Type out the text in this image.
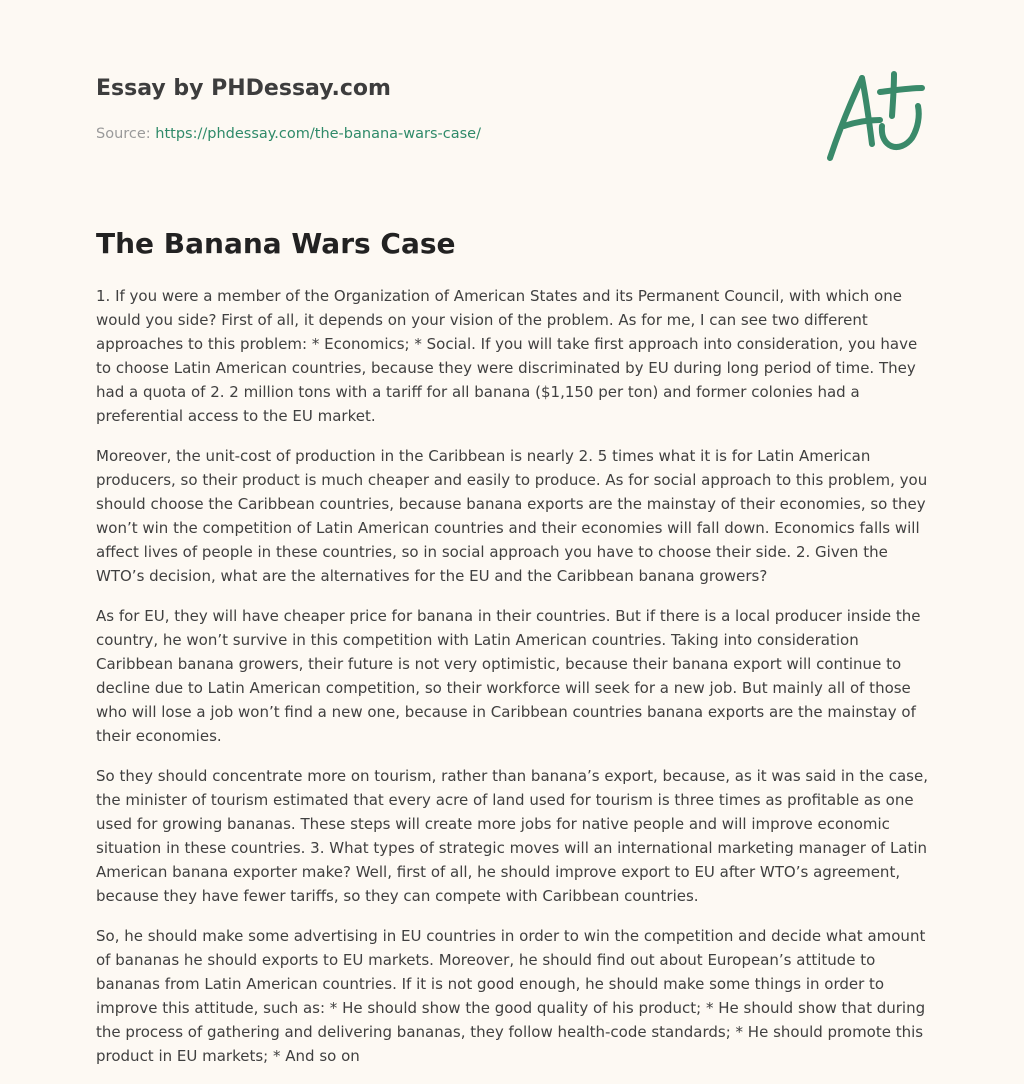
Essay by PHDessay.com
Source: https://phdessay.com/the-banana-wars-case/
The Banana Wars Case

1. If you were a member of the Organization of American States and its Permanent Council, with which one would you side? First of all, it depends on your vision of the problem. As for me, I can see two different approaches to this problem: * Economics; * Social. If you will take first approach into consideration, you have to choose Latin American countries, because they were discriminated by EU during long period of time. They had a quota of 2. 2 million tons with a tariff for all banana ($1,150 per ton) and former colonies had a preferential access to the EU market.

Moreover, the unit-cost of production in the Caribbean is nearly 2. 5 times what it is for Latin American producers, so their product is much cheaper and easily to produce. As for social approach to this problem, you should choose the Caribbean countries, because banana exports are the mainstay of their economies, so they won’t win the competition of Latin American countries and their economies will fall down. Economics falls will affect lives of people in these countries, so in social approach you have to choose their side. 2. Given the WTO’s decision, what are the alternatives for the EU and the Caribbean banana growers?

As for EU, they will have cheaper price for banana in their countries. But if there is a local producer inside the country, he won’t survive in this competition with Latin American countries. Taking into consideration Caribbean banana growers, their future is not very optimistic, because their banana export will continue to decline due to Latin American competition, so their workforce will seek for a new job. But mainly all of those who will lose a job won’t find a new one, because in Caribbean countries banana exports are the mainstay of their economies.

So they should concentrate more on tourism, rather than banana’s export, because, as it was said in the case, the minister of tourism estimated that every acre of land used for tourism is three times as profitable as one used for growing bananas. These steps will create more jobs for native people and will improve economic situation in these countries. 3. What types of strategic moves will an international marketing manager of Latin American banana exporter make? Well, first of all, he should improve export to EU after WTO’s agreement, because they have fewer tariffs, so they can compete with Caribbean countries.

So, he should make some advertising in EU countries in order to win the competition and decide what amount of bananas he should exports to EU markets. Moreover, he should find out about European’s attitude to bananas from Latin American countries. If it is not good enough, he should make some things in order to improve this attitude, such as: * He should show the good quality of his product; * He should show that during the process of gathering and delivering bananas, they follow health-code standards; * He should promote this product in EU markets; * And so on
